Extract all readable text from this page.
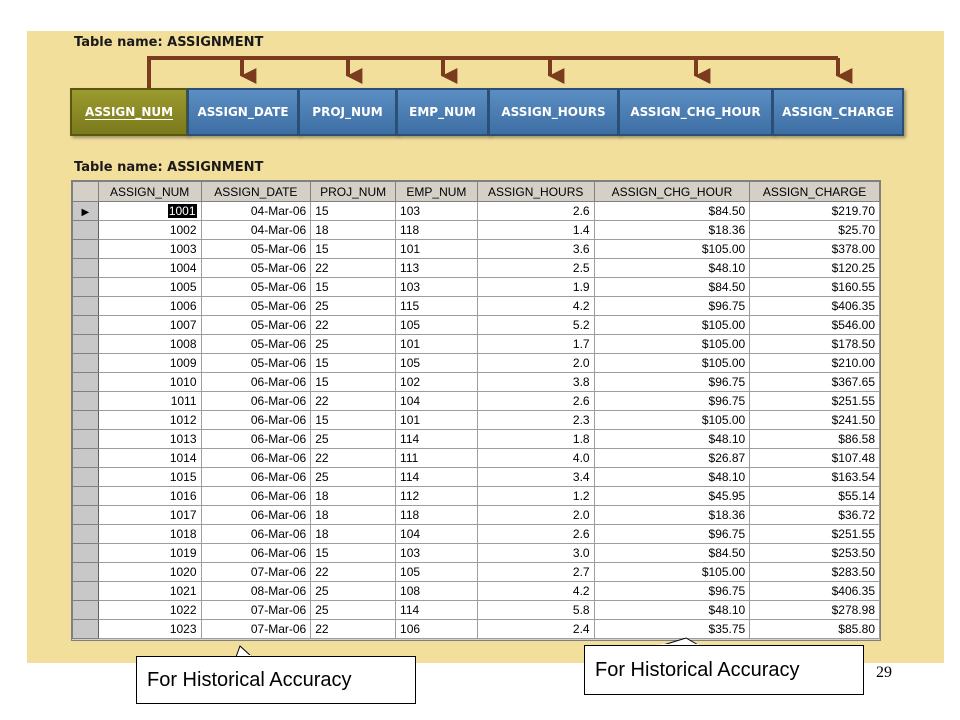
Table name: ASSIGNMENT
ASSIGN_NUM	ASSIGN_DATE	PROJ_NUM	EMP_NUM	ASSIGN_HOURS	ASSIGN_CHG_HOUR	ASSIGN_CHARGE
Table name: ASSIGNMENT
	ASSIGN_NUM	ASSIGN_DATE	PROJ_NUM	EMP_NUM	ASSIGN_HOURS	ASSIGN_CHG_HOUR	ASSIGN_CHARGE
▶	1001	04-Mar-06	15	103	2.6	$84.50	$219.70
	1002	04-Mar-06	18	118	1.4	$18.36	$25.70
	1003	05-Mar-06	15	101	3.6	$105.00	$378.00
	1004	05-Mar-06	22	113	2.5	$48.10	$120.25
	1005	05-Mar-06	15	103	1.9	$84.50	$160.55
	1006	05-Mar-06	25	115	4.2	$96.75	$406.35
	1007	05-Mar-06	22	105	5.2	$105.00	$546.00
	1008	05-Mar-06	25	101	1.7	$105.00	$178.50
	1009	05-Mar-06	15	105	2.0	$105.00	$210.00
	1010	06-Mar-06	15	102	3.8	$96.75	$367.65
	1011	06-Mar-06	22	104	2.6	$96.75	$251.55
	1012	06-Mar-06	15	101	2.3	$105.00	$241.50
	1013	06-Mar-06	25	114	1.8	$48.10	$86.58
	1014	06-Mar-06	22	111	4.0	$26.87	$107.48
	1015	06-Mar-06	25	114	3.4	$48.10	$163.54
	1016	06-Mar-06	18	112	1.2	$45.95	$55.14
	1017	06-Mar-06	18	118	2.0	$18.36	$36.72
	1018	06-Mar-06	18	104	2.6	$96.75	$251.55
	1019	06-Mar-06	15	103	3.0	$84.50	$253.50
	1020	07-Mar-06	22	105	2.7	$105.00	$283.50
	1021	08-Mar-06	25	108	4.2	$96.75	$406.35
	1022	07-Mar-06	25	114	5.8	$48.10	$278.98
	1023	07-Mar-06	22	106	2.4	$35.75	$85.80
For Historical Accuracy	For Historical Accuracy	29
